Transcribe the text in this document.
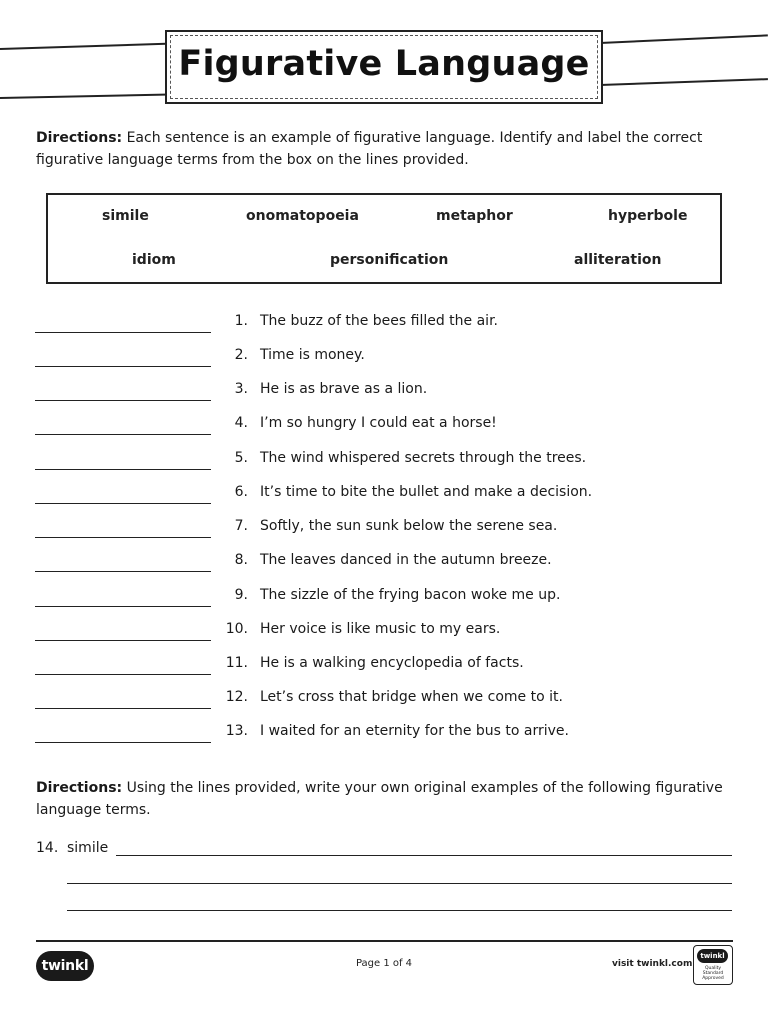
Figurative Language
Directions: Each sentence is an example of figurative language. Identify and label the correct figurative language terms from the box on the lines provided.
simile	onomatopoeia	metaphor	hyperbole
idiom	personification	alliteration
1. The buzz of the bees filled the air.
2. Time is money.
3. He is as brave as a lion.
4. I’m so hungry I could eat a horse!
5. The wind whispered secrets through the trees.
6. It’s time to bite the bullet and make a decision.
7. Softly, the sun sunk below the serene sea.
8. The leaves danced in the autumn breeze.
9. The sizzle of the frying bacon woke me up.
10. Her voice is like music to my ears.
11. He is a walking encyclopedia of facts.
12. Let’s cross that bridge when we come to it.
13. I waited for an eternity for the bus to arrive.
Directions: Using the lines provided, write your own original examples of the following figurative language terms.
14. simile
twinkl	Page 1 of 4	visit twinkl.com
twinkl
Quality Standard Approved
